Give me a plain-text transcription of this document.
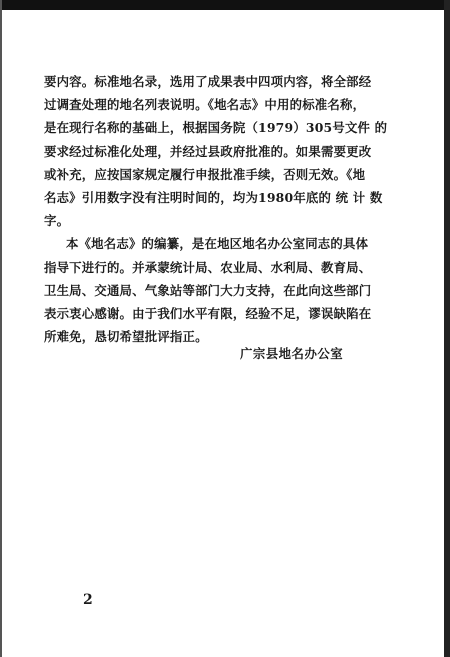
要内容。标准地名录，选用了成果表中四项内容，将全部经
过调查处理的地名列表说明。《地名志》中用的标准名称，
是在现行名称的基础上，根据国务院（1979）305号文件 的
要求经过标准化处理，并经过县政府批准的。如果需要更改
或补充，应按国家规定履行申报批准手续，否则无效。《地
名志》引用数字没有注明时间的，均为1980年底的 统 计 数
字。
本《地名志》的编纂，是在地区地名办公室同志的具体
指导下进行的。并承蒙统计局、农业局、水利局、教育局、
卫生局、交通局、气象站等部门大力支持，在此向这些部门
表示衷心感谢。由于我们水平有限，经验不足，谬误缺陷在
所难免，恳切希望批评指正。
广宗县地名办公室
2
